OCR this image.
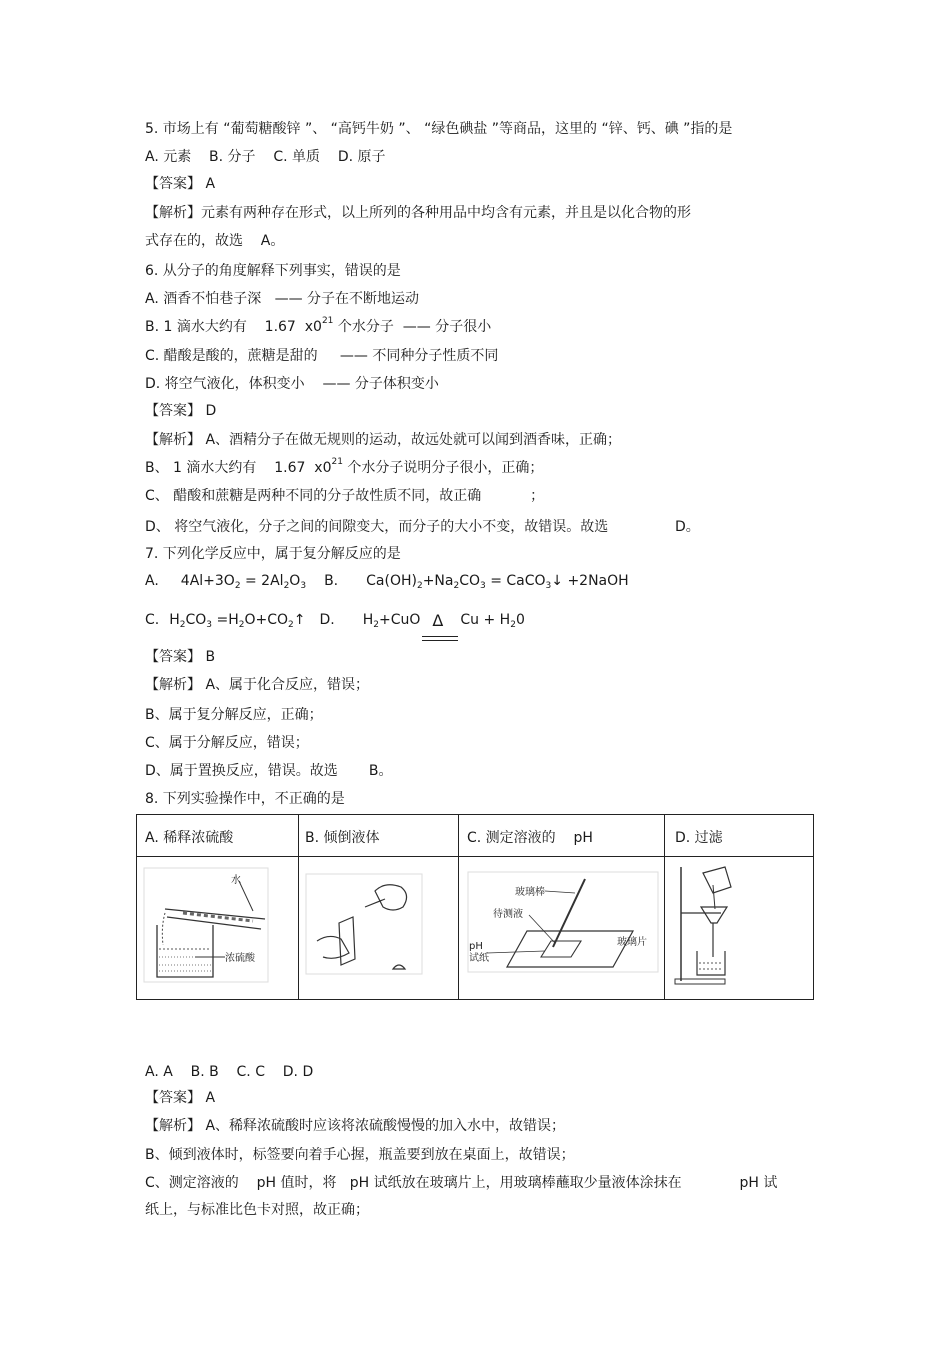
5. 市场上有 “葡萄糖酸锌 ”、 “高钙牛奶 ”、 “绿色碘盐 ”等商品，这里的 “锌、钙、碘 ”指的是
A. 元素    B. 分子    C. 单质    D. 原子
【答案】 A
【解析】元素有两种存在形式，以上所列的各种用品中均含有元素，并且是以化合物的形
式存在的，故选    A。
6. 从分子的角度解释下列事实，错误的是
A. 酒香不怕巷子深   —— 分子在不断地运动
B. 1 滴水大约有    1.67  $ⅹ0^{21}$ 个水分子  —— 分子很小
C. 醋酸是酸的，蔗糖是甜的     —— 不同种分子性质不同
D. 将空气液化，体积变小    —— 分子体积变小
【答案】 D
【解析】 A、酒精分子在做无规则的运动，故远处就可以闻到酒香味，正确；
B、 1 滴水大约有    1.67  $ⅹ0^{21}$ 个水分子说明分子很小，正确；
C、 醋酸和蔗糖是两种不同的分子故性质不同，故正确           ；
D、 将空气液化，分子之间的间隙变大，而分子的大小不变，故错误。故选               D。
7. 下列化学反应中，属于复分解反应的是
A. $4Al+3O_2 = 2Al_2O_3$ B. $Ca(OH)_2+Na_2CO_3$ = CaCO$_3$↓ +2NaOH
C. $H_2CO_3$ $=H_2O+CO_2↑$ D. $H_2+CuO$ Δ $Cu + H_20$
【答案】 B
【解析】 A、属于化合反应，错误；
B、属于复分解反应，正确；
C、属于分解反应，错误；
D、属于置换反应，错误。故选       B。
8. 下列实验操作中，不正确的是
A. 稀释浓硫酸	B. 倾倒液体	C. 测定溶液的    pH	D. 过滤
水
浓硫酸
玻璃棒
待测液
玻璃片
pH
试纸
A. A    B. B    C. C    D. D
【答案】 A
【解析】 A、稀释浓硫酸时应该将浓硫酸慢慢的加入水中，故错误；
B、倾到液体时，标签要向着手心握，瓶盖要到放在桌面上，故错误；
C、测定溶液的    pH 值时，将   pH 试纸放在玻璃片上，用玻璃棒蘸取少量液体涂抹在             pH 试
纸上，与标准比色卡对照，故正确；
